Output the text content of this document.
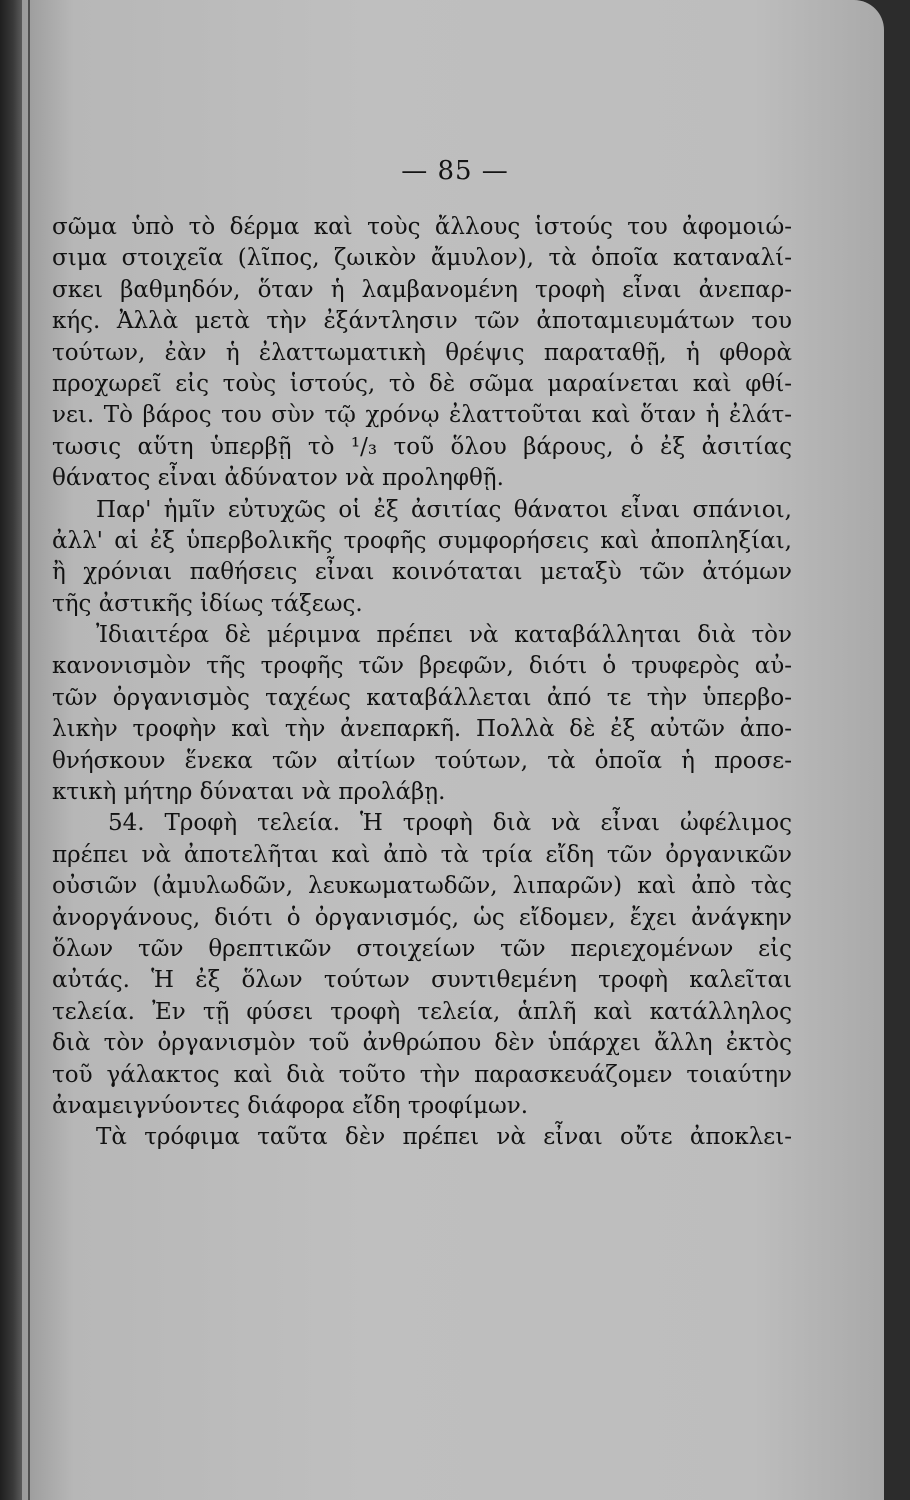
— 85 —
σῶμα ὑπὸ τὸ δέρμα καὶ τοὺς ἄλλους ἱστούς του ἀφομοιώ-
σιμα στοιχεῖα (λῖπος, ζωικὸν ἄμυλον), τὰ ὁποῖα καταναλί-
σκει βαθμηδόν, ὅταν ἡ λαμβανομένη τροφὴ εἶναι ἀνεπαρ-
κής. Ἀλλὰ μετὰ τὴν ἐξάντλησιν τῶν ἀποταμιευμάτων του
τούτων, ἐὰν ἡ ἐλαττωματικὴ θρέψις παραταθῇ, ἡ φθορὰ
προχωρεῖ εἰς τοὺς ἱστούς, τὸ δὲ σῶμα μαραίνεται καὶ φθί-
νει. Τὸ βάρος του σὺν τῷ χρόνῳ ἐλαττοῦται καὶ ὅταν ἡ ἐλάτ-
τωσις αὕτη ὑπερβῇ τὸ ¹/₃ τοῦ ὅλου βάρους, ὁ ἐξ ἀσιτίας
θάνατος εἶναι ἀδύνατον νὰ προληφθῇ.
Παρ' ἡμῖν εὐτυχῶς οἱ ἐξ ἀσιτίας θάνατοι εἶναι σπάνιοι,
ἀλλ' αἱ ἐξ ὑπερβολικῆς τροφῆς συμφορήσεις καὶ ἀποπληξίαι,
ἢ χρόνιαι παθήσεις εἶναι κοινόταται μεταξὺ τῶν ἀτόμων
τῆς ἀστικῆς ἰδίως τάξεως.
Ἰδιαιτέρα δὲ μέριμνα πρέπει νὰ καταβάλληται διὰ τὸν
κανονισμὸν τῆς τροφῆς τῶν βρεφῶν, διότι ὁ τρυφερὸς αὐ-
τῶν ὀργανισμὸς ταχέως καταβάλλεται ἀπό τε τὴν ὑπερβο-
λικὴν τροφὴν καὶ τὴν ἀνεπαρκῆ. Πολλὰ δὲ ἐξ αὐτῶν ἀπο-
θνήσκουν ἕνεκα τῶν αἰτίων τούτων, τὰ ὁποῖα ἡ προσε-
κτικὴ μήτηρ δύναται νὰ προλάβῃ.
54. Τροφὴ τελεία. Ἡ τροφὴ διὰ νὰ εἶναι ὠφέλιμος
πρέπει νὰ ἀποτελῆται καὶ ἀπὸ τὰ τρία εἴδη τῶν ὀργανικῶν
οὐσιῶν (ἀμυλωδῶν, λευκωματωδῶν, λιπαρῶν) καὶ ἀπὸ τὰς
ἀνοργάνους, διότι ὁ ὀργανισμός, ὡς εἴδομεν, ἔχει ἀνάγκην
ὅλων τῶν θρεπτικῶν στοιχείων τῶν περιεχομένων εἰς
αὐτάς. Ἡ ἐξ ὅλων τούτων συντιθεμένη τροφὴ καλεῖται
τελεία. Ἐν τῇ φύσει τροφὴ τελεία, ἁπλῆ καὶ κατάλληλος
διὰ τὸν ὀργανισμὸν τοῦ ἀνθρώπου δὲν ὑπάρχει ἄλλη ἐκτὸς
τοῦ γάλακτος καὶ διὰ τοῦτο τὴν παρασκευάζομεν τοιαύτην
ἀναμειγνύοντες διάφορα εἴδη τροφίμων.
Τὰ τρόφιμα ταῦτα δὲν πρέπει νὰ εἶναι οὔτε ἀποκλει-
